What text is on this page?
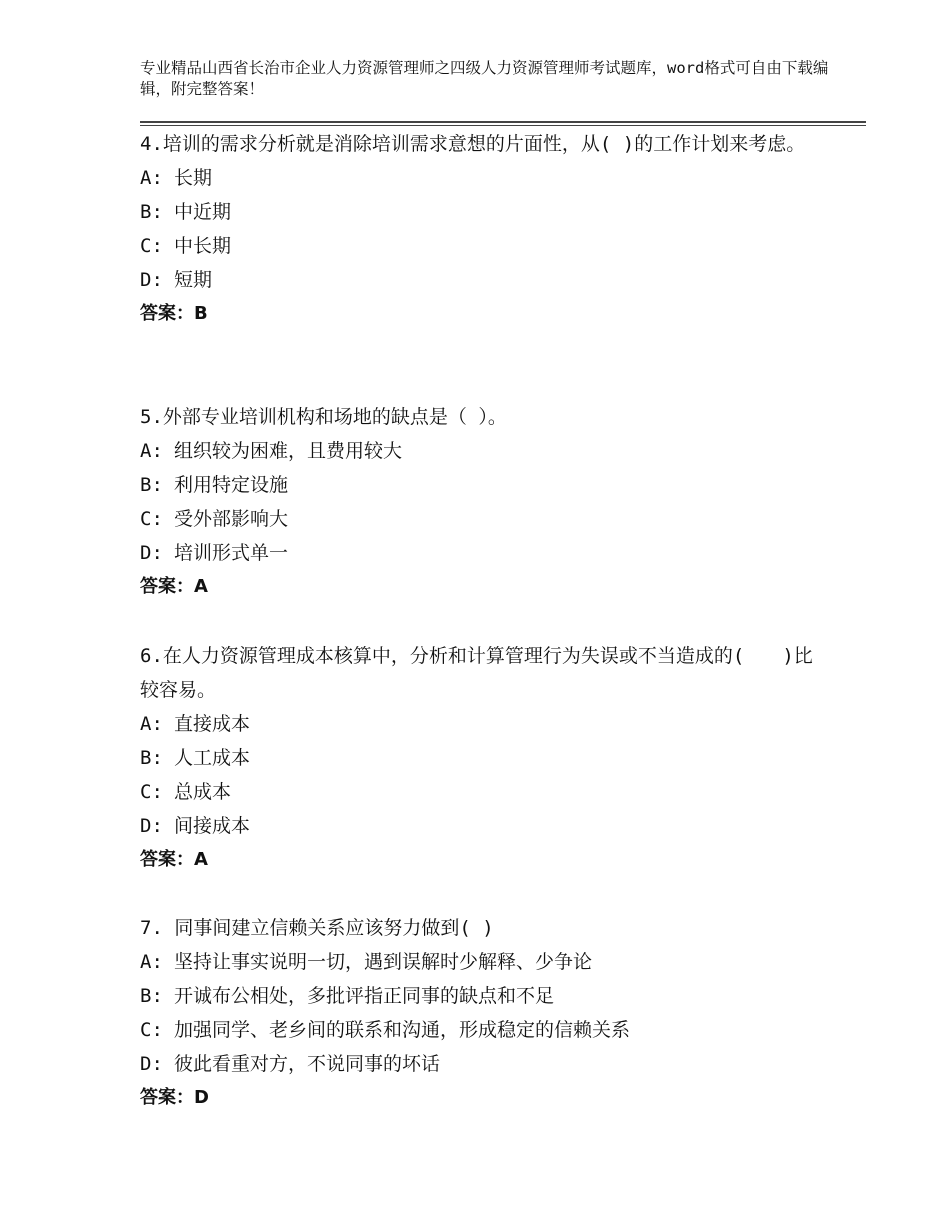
专业精品山西省长治市企业人力资源管理师之四级人力资源管理师考试题库，word格式可自由下载编辑，附完整答案！

4.培训的需求分析就是消除培训需求意想的片面性，从( )的工作计划来考虑。

A: 长期
B: 中近期
C: 中长期
D: 短期
答案：B

5.外部专业培训机构和场地的缺点是（ ）。

A: 组织较为困难，且费用较大
B: 利用特定设施
C: 受外部影响大
D: 培训形式单一
答案：A

6.在人力资源管理成本核算中，分析和计算管理行为失误或不当造成的(　　)比较容易。

A: 直接成本
B: 人工成本
C: 总成本
D: 间接成本
答案：A

7. 同事间建立信赖关系应该努力做到( )

A: 坚持让事实说明一切，遇到误解时少解释、少争论
B: 开诚布公相处，多批评指正同事的缺点和不足
C: 加强同学、老乡间的联系和沟通，形成稳定的信赖关系
D: 彼此看重对方，不说同事的坏话
答案：D
